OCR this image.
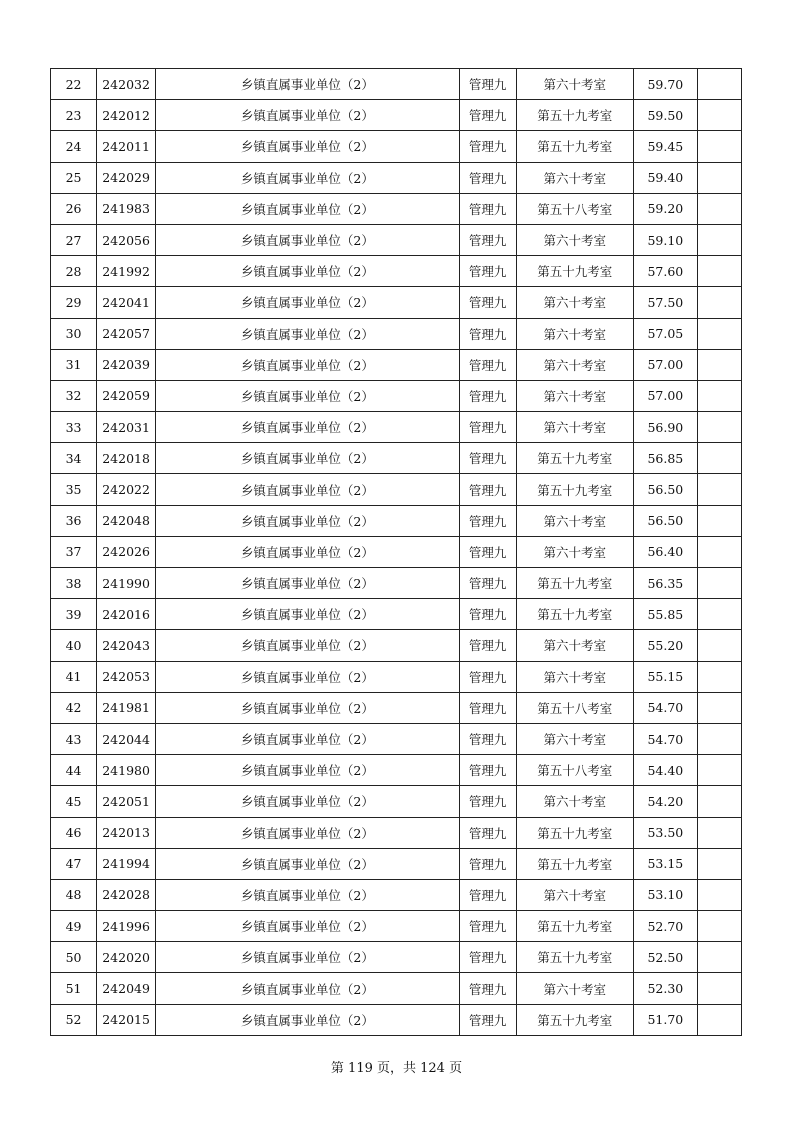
22	242032	乡镇直属事业单位（2）	管理九	第六十考室	59.70	
23	242012	乡镇直属事业单位（2）	管理九	第五十九考室	59.50	
24	242011	乡镇直属事业单位（2）	管理九	第五十九考室	59.45	
25	242029	乡镇直属事业单位（2）	管理九	第六十考室	59.40	
26	241983	乡镇直属事业单位（2）	管理九	第五十八考室	59.20	
27	242056	乡镇直属事业单位（2）	管理九	第六十考室	59.10	
28	241992	乡镇直属事业单位（2）	管理九	第五十九考室	57.60	
29	242041	乡镇直属事业单位（2）	管理九	第六十考室	57.50	
30	242057	乡镇直属事业单位（2）	管理九	第六十考室	57.05	
31	242039	乡镇直属事业单位（2）	管理九	第六十考室	57.00	
32	242059	乡镇直属事业单位（2）	管理九	第六十考室	57.00	
33	242031	乡镇直属事业单位（2）	管理九	第六十考室	56.90	
34	242018	乡镇直属事业单位（2）	管理九	第五十九考室	56.85	
35	242022	乡镇直属事业单位（2）	管理九	第五十九考室	56.50	
36	242048	乡镇直属事业单位（2）	管理九	第六十考室	56.50	
37	242026	乡镇直属事业单位（2）	管理九	第六十考室	56.40	
38	241990	乡镇直属事业单位（2）	管理九	第五十九考室	56.35	
39	242016	乡镇直属事业单位（2）	管理九	第五十九考室	55.85	
40	242043	乡镇直属事业单位（2）	管理九	第六十考室	55.20	
41	242053	乡镇直属事业单位（2）	管理九	第六十考室	55.15	
42	241981	乡镇直属事业单位（2）	管理九	第五十八考室	54.70	
43	242044	乡镇直属事业单位（2）	管理九	第六十考室	54.70	
44	241980	乡镇直属事业单位（2）	管理九	第五十八考室	54.40	
45	242051	乡镇直属事业单位（2）	管理九	第六十考室	54.20	
46	242013	乡镇直属事业单位（2）	管理九	第五十九考室	53.50	
47	241994	乡镇直属事业单位（2）	管理九	第五十九考室	53.15	
48	242028	乡镇直属事业单位（2）	管理九	第六十考室	53.10	
49	241996	乡镇直属事业单位（2）	管理九	第五十九考室	52.70	
50	242020	乡镇直属事业单位（2）	管理九	第五十九考室	52.50	
51	242049	乡镇直属事业单位（2）	管理九	第六十考室	52.30	
52	242015	乡镇直属事业单位（2）	管理九	第五十九考室	51.70	
第 119 页，共 124 页
